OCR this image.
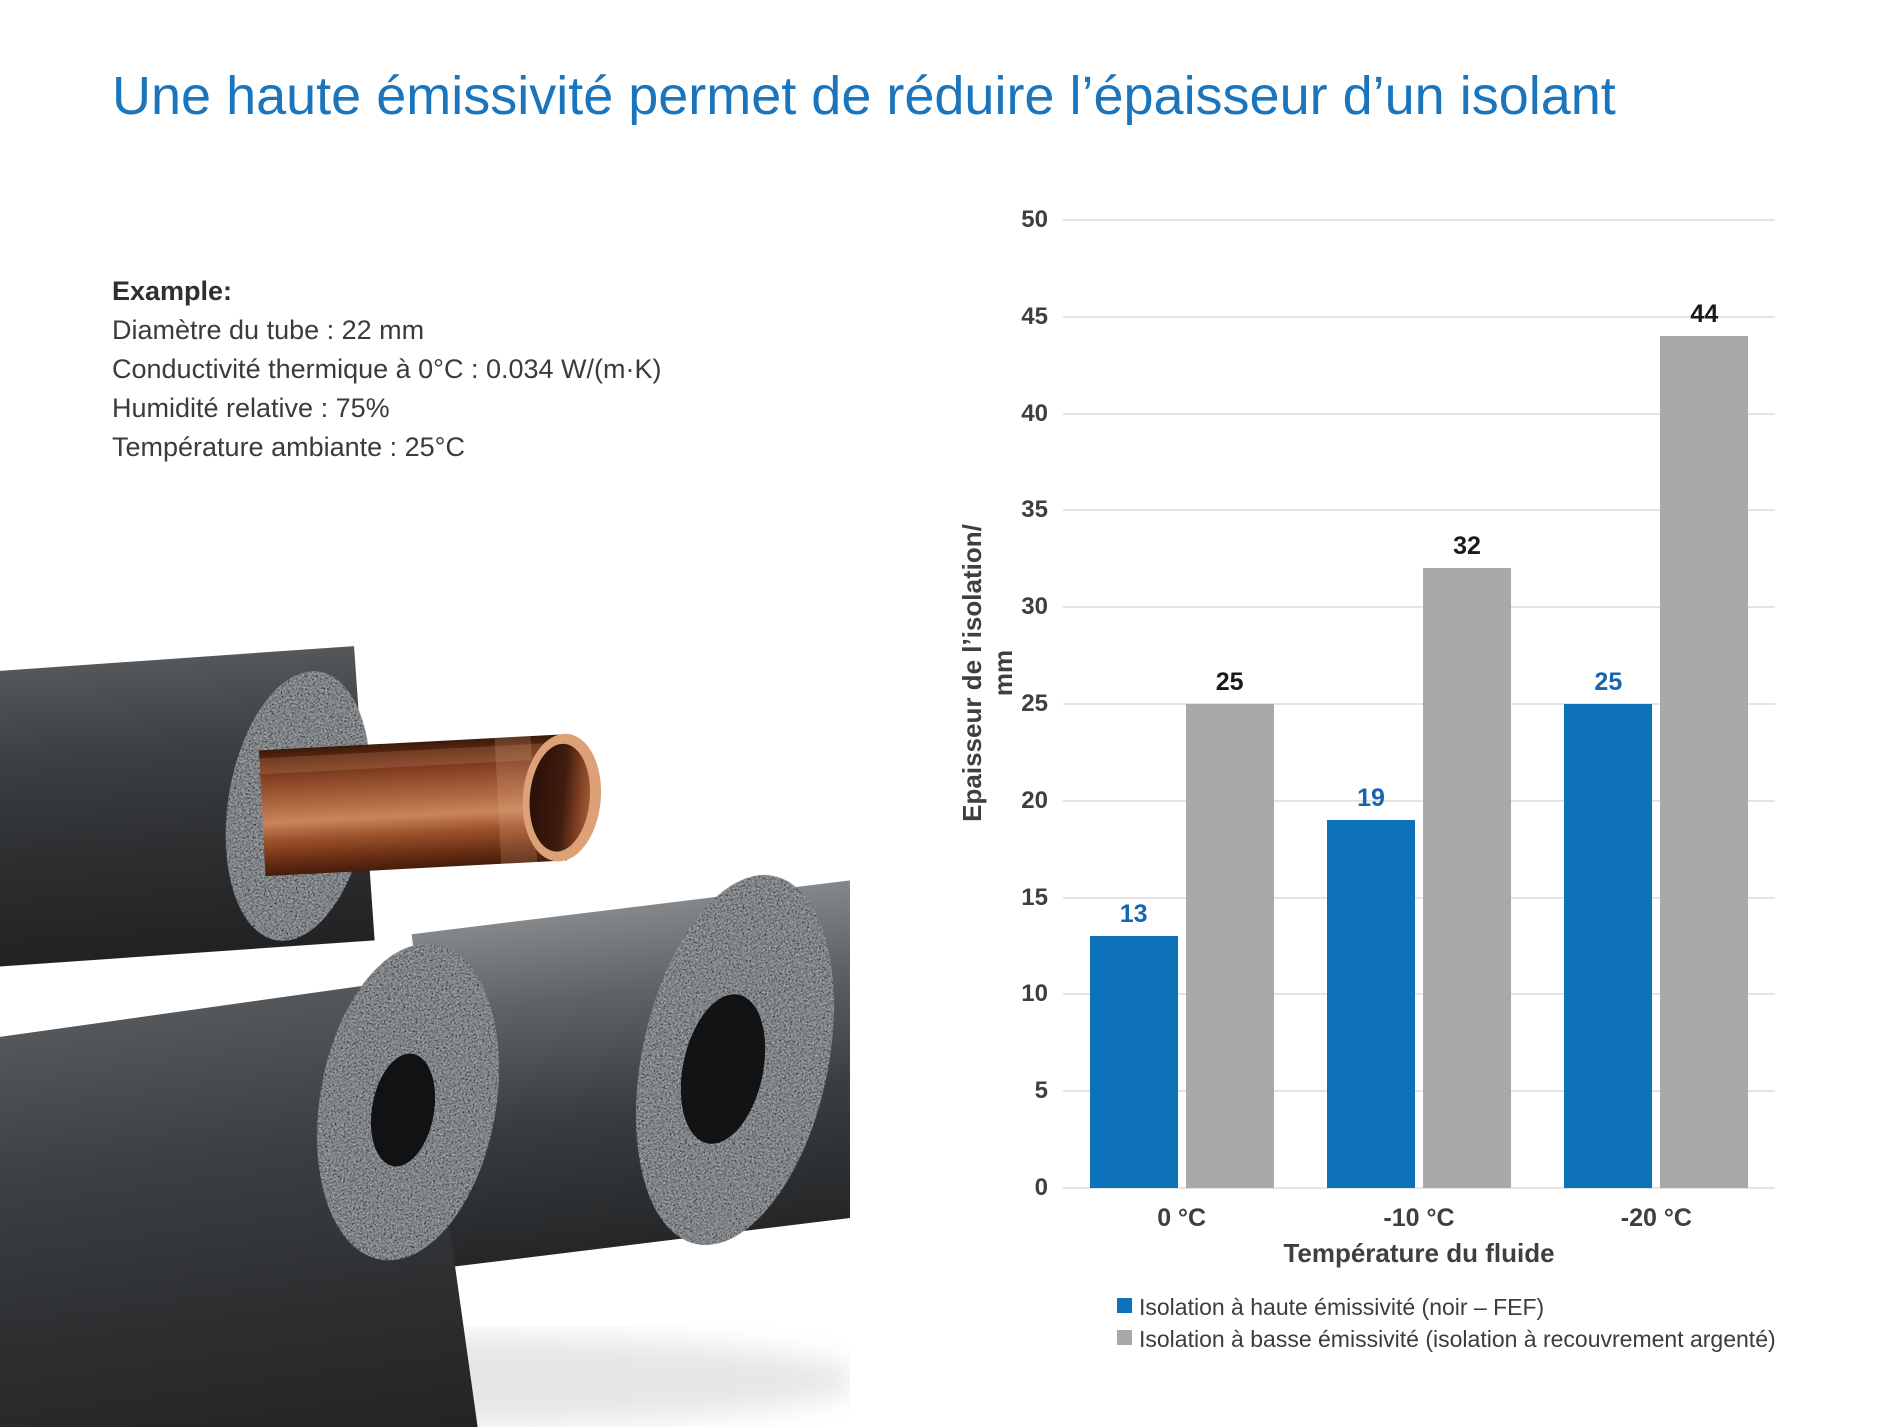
Une haute émissivité permet de réduire l’épaisseur d’un isolant
Example:
Diamètre du tube : 22 mm
Conductivité thermique à 0°C : 0.034 W/(m·K)
Humidité relative : 75%
Température ambiante : 25°C
0
5
10
15
20
25
30
35
40
45
50
13
25
0 °C
19
32
-10 °C
25
44
-20 °C
Epaisseur de l’isolation/ mm
Température du fluide
Isolation à haute émissivité (noir – FEF)
Isolation à basse émissivité (isolation à recouvrement argenté)
